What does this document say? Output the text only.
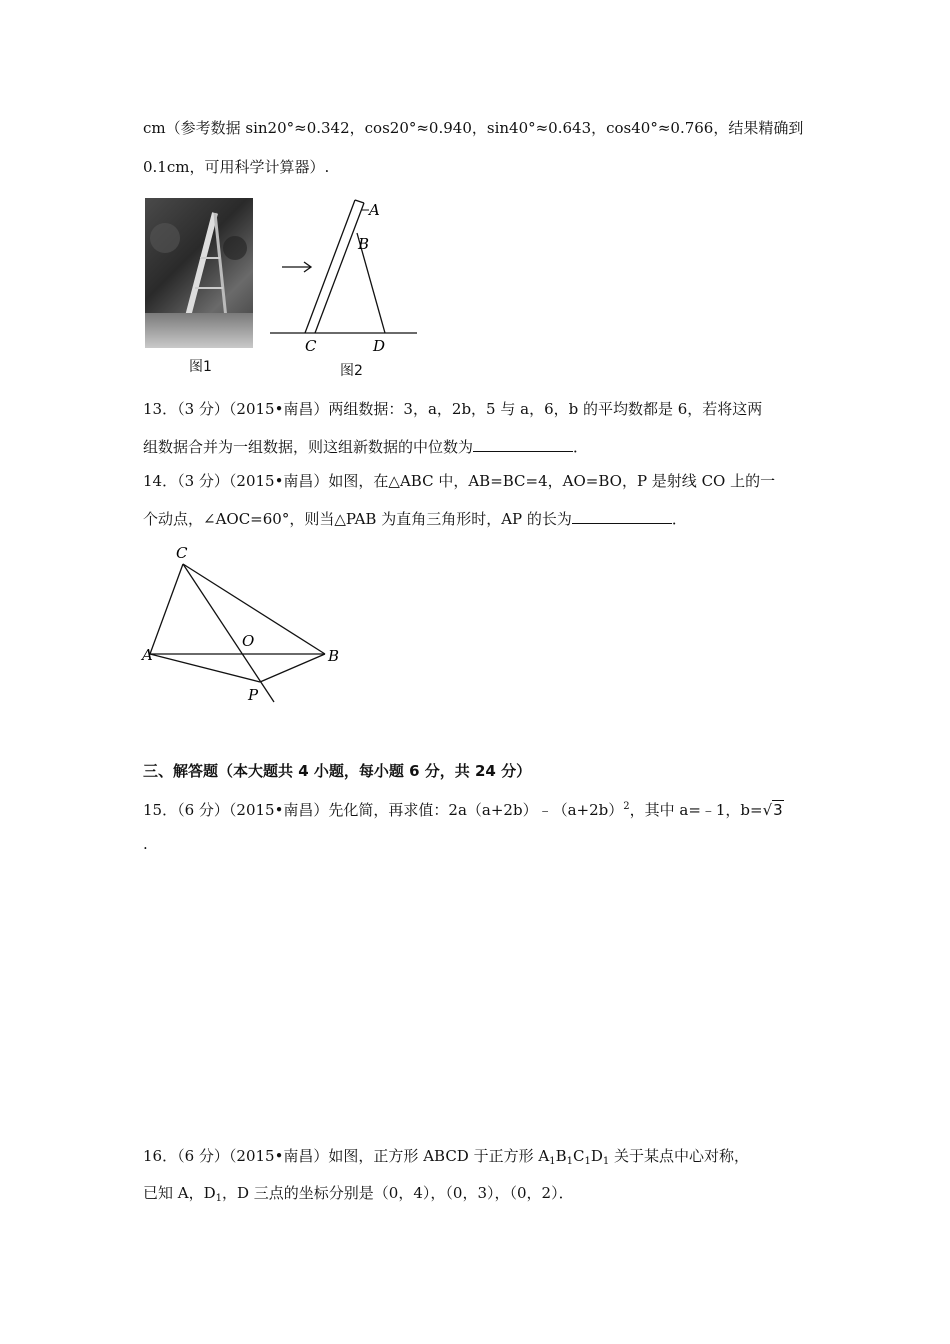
cm（参考数据 sin20°≈0.342，cos20°≈0.940，sin40°≈0.643，cos40°≈0.766，结果精确到
0.1cm，可用科学计算器）.
图1
A
B
C	D
图2
13．（3 分）（2015•南昌）两组数据：3，a，2b，5 与 a，6，b 的平均数都是 6，若将这两
组数据合并为一组数据，则这组新数据的中位数为	．
14．（3 分）（2015•南昌）如图，在△ABC 中，AB=BC=4，AO=BO，P 是射线 CO 上的一
个动点，∠AOC=60°，则当△PAB 为直角三角形时，AP 的长为	．
C
A	B
O
P
三、解答题（本大题共 4 小题，每小题 6 分，共 24 分）
15．（6 分）（2015•南昌）先化简，再求值：$2a(a+2b)﹣(a+2b)^2$，其中 a=﹣1，b=√3
.
16．（6 分）（2015•南昌）如图，正方形 ABCD 于正方形 $A_1B_1C_1D_1$ 关于某点中心对称，
已知 A，$D_1$，D 三点的坐标分别是（0，4），（0，3），（0，2）．
